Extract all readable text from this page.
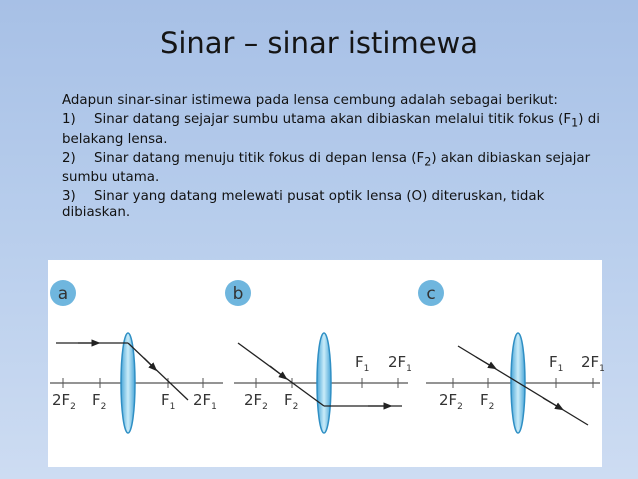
Sinar – sinar istimewa

Adapun sinar-sinar istimewa pada lensa cembung adalah sebagai berikut:

1) Sinar datang sejajar sumbu utama akan dibiaskan melalui titik fokus $(F_1)$ di belakang lensa.

2) Sinar datang menuju titik fokus di depan lensa $(F_2)$ akan dibiaskan sejajar sumbu utama.

3) Sinar yang datang melewati pusat optik lensa (O) diteruskan, tidak dibiaskan.

a
$2F_2$ $F_2$	$F_1$ $2F_1$
b
$2F_2$ $F_2$
$F_1$ $2F_1$
c
$2F_2$ $F_2$
$F_1$ $2F_1$
